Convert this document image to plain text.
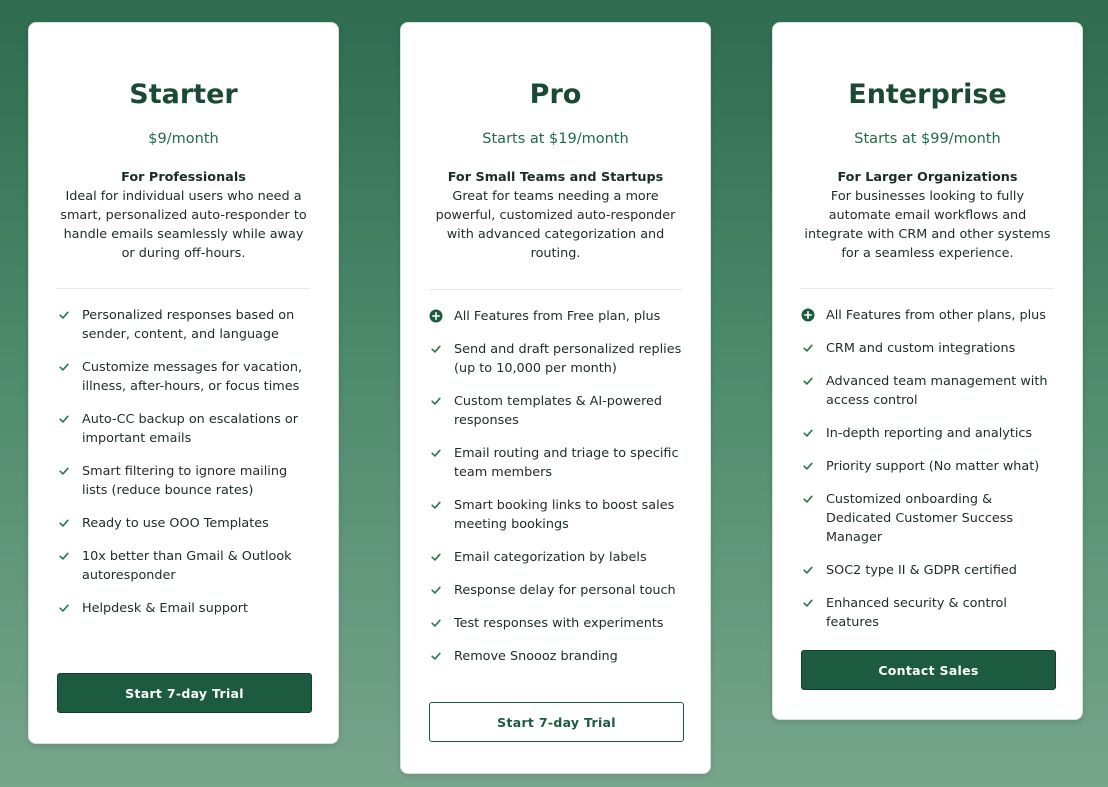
Starter
$9/month
For Professionals
Ideal for individual users who need a smart, personalized auto-responder to handle emails seamlessly while away or during off-hours.
Personalized responses based on sender, content, and language
Customize messages for vacation, illness, after-hours, or focus times
Auto-CC backup on escalations or important emails
Smart filtering to ignore mailing lists (reduce bounce rates)
Ready to use OOO Templates
10x better than Gmail & Outlook autoresponder
Helpdesk & Email support
Start 7-day Trial
Pro
Starts at $19/month
For Small Teams and Startups
Great for teams needing a more powerful, customized auto-responder with advanced categorization and routing.
All Features from Free plan, plus
Send and draft personalized replies (up to 10,000 per month)
Custom templates & AI-powered responses
Email routing and triage to specific team members
Smart booking links to boost sales meeting bookings
Email categorization by labels
Response delay for personal touch
Test responses with experiments
Remove Snoooz branding
Start 7-day Trial
Enterprise
Starts at $99/month
For Larger Organizations
For businesses looking to fully automate email workflows and integrate with CRM and other systems for a seamless experience.
All Features from other plans, plus
CRM and custom integrations
Advanced team management with access control
In-depth reporting and analytics
Priority support (No matter what)
Customized onboarding & Dedicated Customer Success Manager
SOC2 type II & GDPR certified
Enhanced security & control features
Contact Sales
